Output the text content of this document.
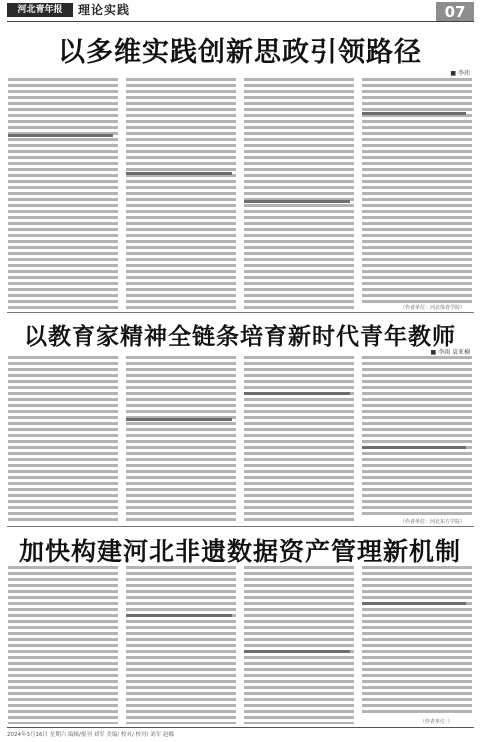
河北青年报	理论实践	07
以多维实践创新思政引领路径
■ 李玮
（作者单位：河北体育学院）
以教育家精神全链条培育新时代青年教师
■ 李雨 袁亚楠
（作者单位：河北东方学院）
加快构建河北非遗数据资产管理新机制
（作者单位：）
2024年3月16日 星期六 编辑/报刊 刘军 美编/ 校对/ 校对/ 刘军 赵娜
